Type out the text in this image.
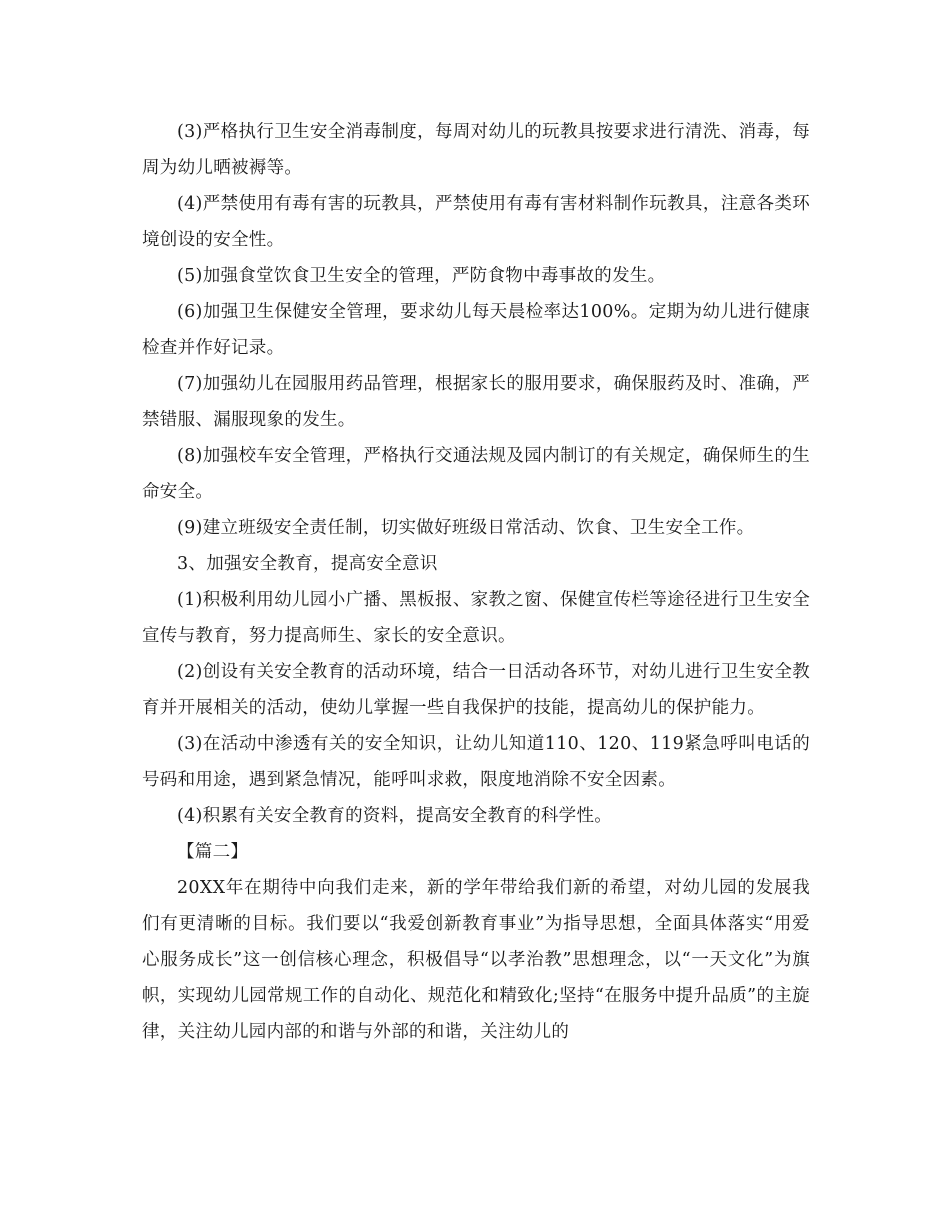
(3)严格执行卫生安全消毒制度，每周对幼儿的玩教具按要求进行清洗、消毒，每周为幼儿晒被褥等。

(4)严禁使用有毒有害的玩教具，严禁使用有毒有害材料制作玩教具，注意各类环境创设的安全性。

(5)加强食堂饮食卫生安全的管理，严防食物中毒事故的发生。

(6)加强卫生保健安全管理，要求幼儿每天晨检率达100%。定期为幼儿进行健康检查并作好记录。

(7)加强幼儿在园服用药品管理，根据家长的服用要求，确保服药及时、准确，严禁错服、漏服现象的发生。

(8)加强校车安全管理，严格执行交通法规及园内制订的有关规定，确保师生的生命安全。

(9)建立班级安全责任制，切实做好班级日常活动、饮食、卫生安全工作。

3、加强安全教育，提高安全意识

(1)积极利用幼儿园小广播、黑板报、家教之窗、保健宣传栏等途径进行卫生安全宣传与教育，努力提高师生、家长的安全意识。

(2)创设有关安全教育的活动环境，结合一日活动各环节，对幼儿进行卫生安全教育并开展相关的活动，使幼儿掌握一些自我保护的技能，提高幼儿的保护能力。

(3)在活动中渗透有关的安全知识，让幼儿知道110、120、119紧急呼叫电话的号码和用途，遇到紧急情况，能呼叫求救，限度地消除不安全因素。

(4)积累有关安全教育的资料，提高安全教育的科学性。

【篇二】

20XX年在期待中向我们走来，新的学年带给我们新的希望，对幼儿园的发展我们有更清晰的目标。我们要以“我爱创新教育事业”为指导思想，全面具体落实“用爱心服务成长”这一创信核心理念，积极倡导“以孝治教”思想理念，以“一天文化”为旗帜，实现幼儿园常规工作的自动化、规范化和精致化;坚持“在服务中提升品质”的主旋律，关注幼儿园内部的和谐与外部的和谐，关注幼儿的
